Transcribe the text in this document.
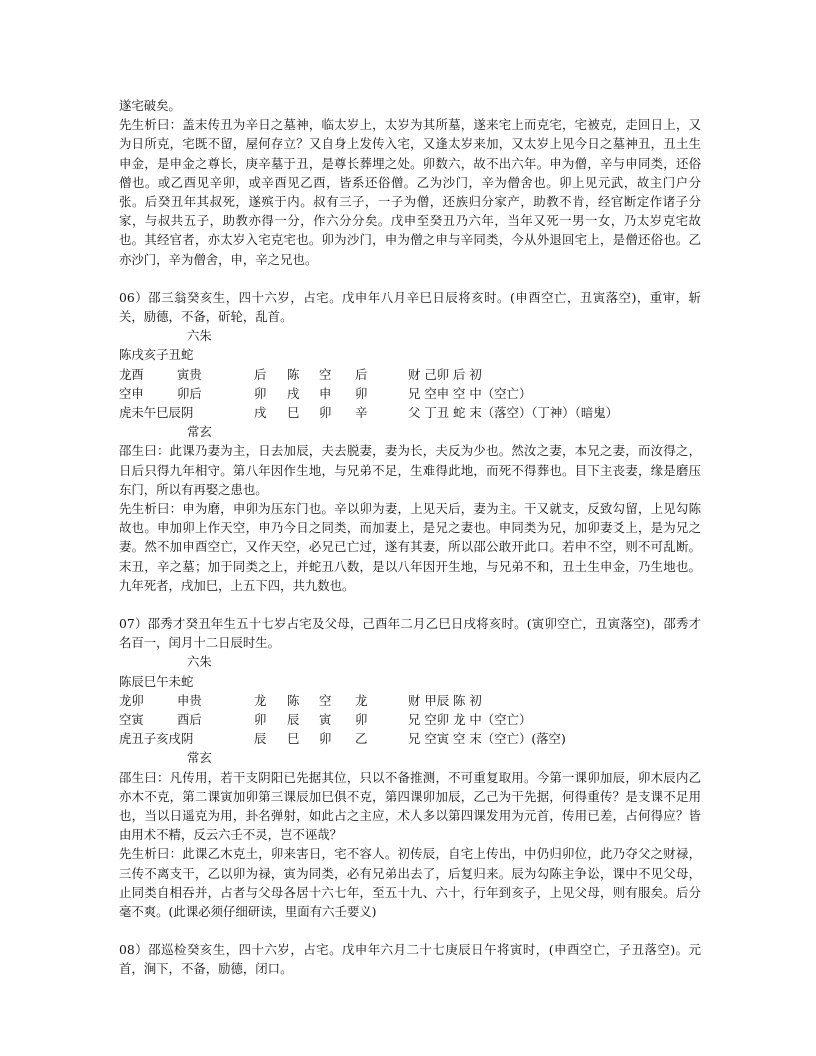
遂宅破矣。

先生析曰：盖末传丑为辛日之墓神，临太岁上，太岁为其所墓，遂来宅上而克宅，宅被克，走回日上，又为日所克，宅既不留，屋何存立？又自身上发传入宅，又逢太岁来加，又太岁上见今日之墓神丑，丑土生申金，是申金之尊长，庚辛墓于丑，是尊长葬埋之处。卯数六，故不出六年。申为僧，辛与申同类，还俗僧也。或乙酉见辛卯，或辛酉见乙酉，皆系还俗僧。乙为沙门，辛为僧舍也。卯上见元武，故主门户分张。后癸丑年其叔死，遂殡于内。叔有三子，一子为僧，还族归分家产，助教不肯，经官断定作诸子分家，与叔共五子，助教亦得一分，作六分分矣。戊申至癸丑乃六年，当年又死一男一女，乃太岁克宅故也。其经官者，亦太岁入宅克宅也。卯为沙门，申为僧之申与辛同类，今从外退回宅上，是僧还俗也。乙亦沙门，辛为僧舍，申，辛之兄也。

06）邵三翁癸亥生，四十六岁，占宅。戊申年八月辛巳日辰将亥时。(申酉空亡，丑寅落空)，重审，斩关，励德，不备，斫轮，乱首。

六朱

陈戌亥子丑蛇

龙酉	寅贵	后 陈 空 后	财 己卯 后 初
空申	卯后	卯 戌 申 卯	兄 空申 空 中（空亡）
虎未午巳辰阴	戌 巳 卯 辛	父 丁丑 蛇 末（落空）（丁神）（暗鬼）

常玄

邵生曰：此课乃妻为主，日去加辰，夫去脱妻，妻为长，夫反为少也。然汝之妻，本兄之妻，而汝得之，日后只得九年相守。第八年因作生地，与兄弟不足，生难得此地，而死不得葬也。目下主丧妻，缘是磨压东门，所以有再娶之患也。

先生析曰：申为磨，申卯为压东门也。辛以卯为妻，上见天后，妻为主。干又就支，反致勾留，上见勾陈故也。申加卯上作天空，申乃今日之同类，而加妻上，是兄之妻也。申同类为兄，加卯妻爻上，是为兄之妻。然不加申酉空亡，又作天空，必兄已亡过，遂有其妻，所以邵公敢开此口。若申不空，则不可乱断。末丑，辛之墓；加于同类之上，并蛇丑八数，是以八年因开生地，与兄弟不和，丑土生申金，乃生地也。九年死者，戌加巳，上五下四，共九数也。

07）邵秀才癸丑年生五十七岁占宅及父母，己酉年二月乙巳日戌将亥时。(寅卯空亡，丑寅落空)，邵秀才名百一，闰月十二日辰时生。

六朱

陈辰巳午未蛇

龙卯	申贵	龙 陈 空 龙	财 甲辰 陈 初
空寅	酉后	卯 辰 寅 卯	兄 空卯 龙 中（空亡）
虎丑子亥戌阴	辰 巳 卯 乙	兄 空寅 空 末（空亡）(落空)

常玄

邵生曰：凡传用，若干支阴阳已先据其位，只以不备推测，不可重复取用。今第一课卯加辰，卯木辰内乙亦木不克，第二课寅加卯第三课辰加巳俱不克，第四课卯加辰，乙己为干先据，何得重传？是支课不足用也，当以日遥克为用，卦名弹射，如此占之主应，术人多以第四课发用为元首，传用已差，占何得应？皆由用术不精，反云六壬不灵，岂不诬哉？

先生析曰：此课乙木克土，卯来害日，宅不容人。初传辰，自宅上传出，中仍归卯位，此乃夺父之财禄，三传不离支干，乙以卯为禄，寅为同类，必有兄弟出去了，后复归来。辰为勾陈主争讼，课中不见父母，止同类自相吞并，占者与父母各居十六七年，至五十九、六十，行年到亥子，上见父母，则有服矣。后分毫不爽。(此课必须仔细研读，里面有六壬要义)

08）邵巡检癸亥生，四十六岁，占宅。戊申年六月二十七庚辰日午将寅时，(申酉空亡，子丑落空)。元首，涧下，不备，励德，闭口。
